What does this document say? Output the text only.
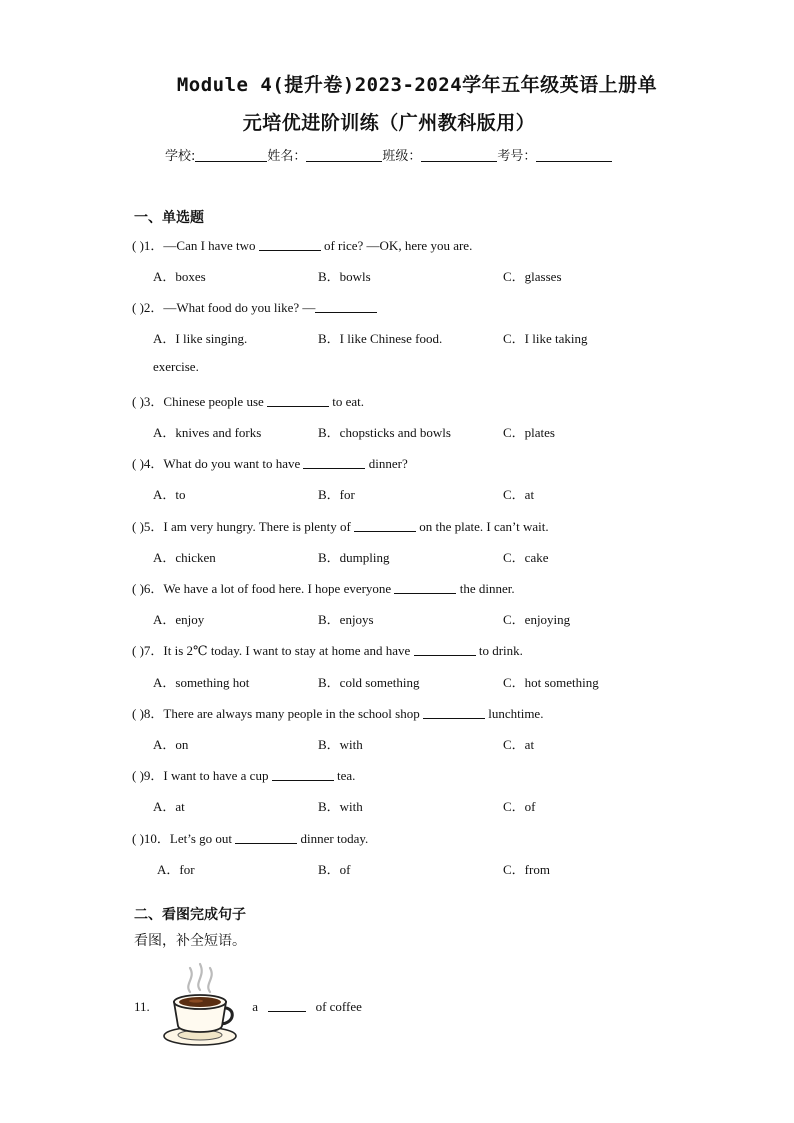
Module 4(提升卷)2023-2024学年五年级英语上册单
元培优进阶训练（广州教科版用）
学校:	姓名：	班级：	考号：
一、单选题
( )1．—Can I have two	of rice? —OK, here you are.
A．boxes	B．bowls	C．glasses
( )2．—What food do you like? —
A．I like singing.	B．I like Chinese food.	C．I like taking
exercise.
( )3．Chinese people use	to eat.
A．knives and forks	B．chopsticks and bowls	C．plates
( )4．What do you want to have	dinner?
A．to	B．for	C．at
( )5．I am very hungry. There is plenty of	on the plate. I can’t wait.
A．chicken	B．dumpling	C．cake
( )6．We have a lot of food here. I hope everyone	the dinner.
A．enjoy	B．enjoys	C．enjoying
( )7．It is 2℃ today. I want to stay at home and have	to drink.
A．something hot	B．cold something	C．hot something
( )8．There are always many people in the school shop	lunchtime.
A．on	B．with	C．at
( )9．I want to have a cup	tea.
A．at	B．with	C．of
( )10．Let’s go out	dinner today.
A．for	B．of	C．from
二、看图完成句子
看图，补全短语。
11.	a	of coffee
